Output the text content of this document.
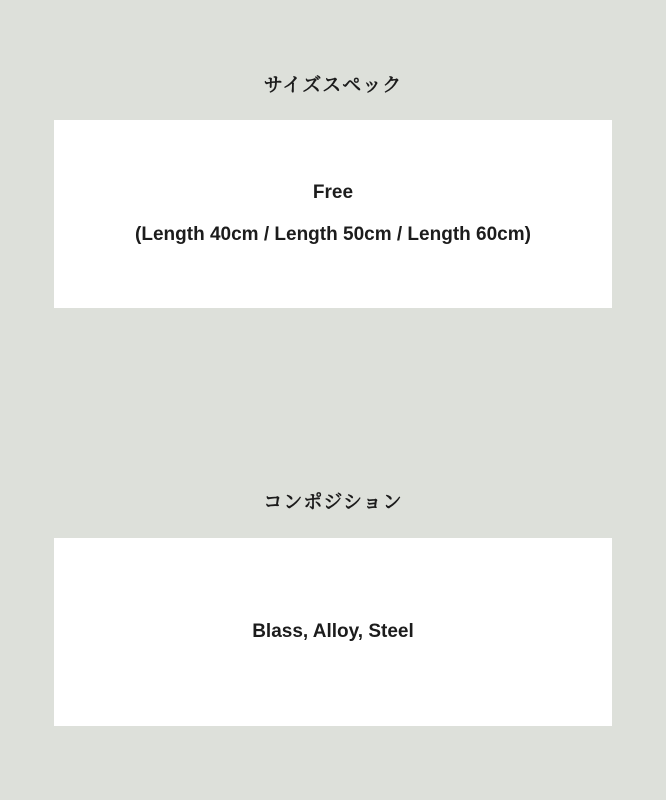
サイズスペック
Free
(Length 40cm / Length 50cm / Length 60cm)
コンポジション
Blass, Alloy, Steel
